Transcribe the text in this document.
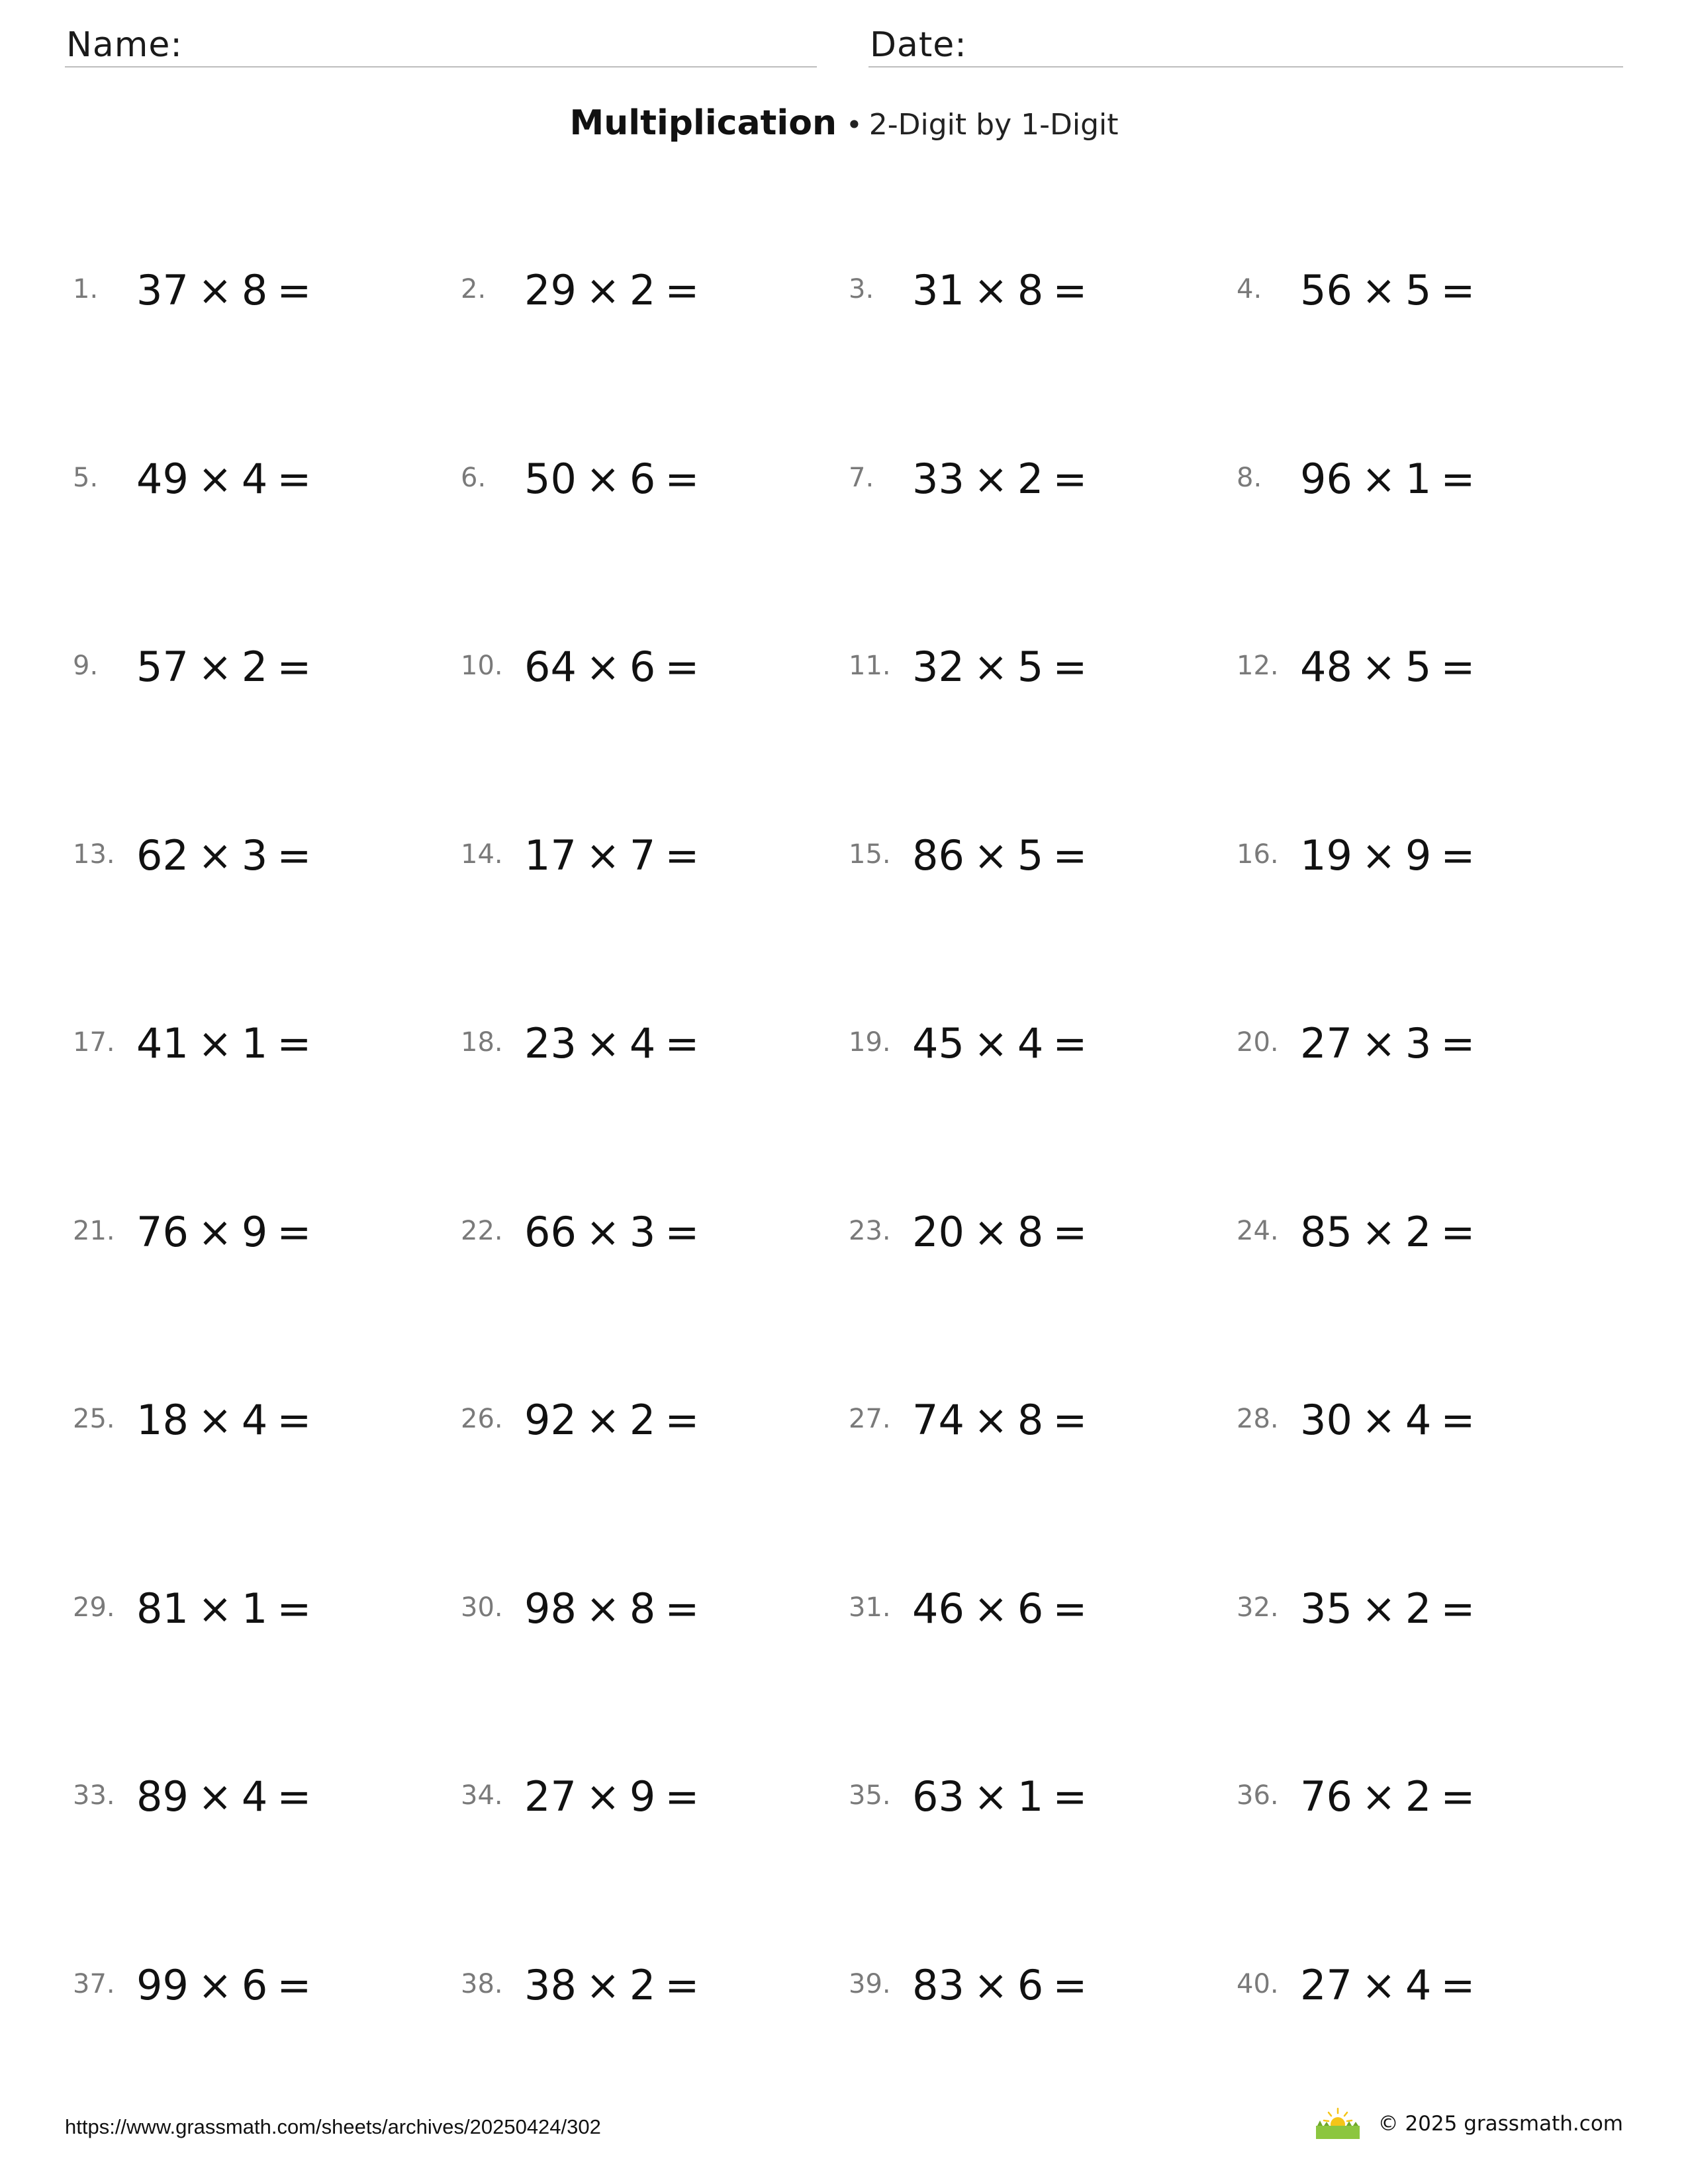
Name:	Date:
Multiplication • 2-Digit by 1-Digit
1. 37 × 8 =	2. 29 × 2 =	3. 31 × 8 =	4. 56 × 5 =
5. 49 × 4 =	6. 50 × 6 =	7. 33 × 2 =	8. 96 × 1 =
9. 57 × 2 =	10. 64 × 6 =	11. 32 × 5 =	12. 48 × 5 =
13. 62 × 3 =	14. 17 × 7 =	15. 86 × 5 =	16. 19 × 9 =
17. 41 × 1 =	18. 23 × 4 =	19. 45 × 4 =	20. 27 × 3 =
21. 76 × 9 =	22. 66 × 3 =	23. 20 × 8 =	24. 85 × 2 =
25. 18 × 4 =	26. 92 × 2 =	27. 74 × 8 =	28. 30 × 4 =
29. 81 × 1 =	30. 98 × 8 =	31. 46 × 6 =	32. 35 × 2 =
33. 89 × 4 =	34. 27 × 9 =	35. 63 × 1 =	36. 76 × 2 =
37. 99 × 6 =	38. 38 × 2 =	39. 83 × 6 =	40. 27 × 4 =
https://www.grassmath.com/sheets/archives/20250424/302	© 2025 grassmath.com
